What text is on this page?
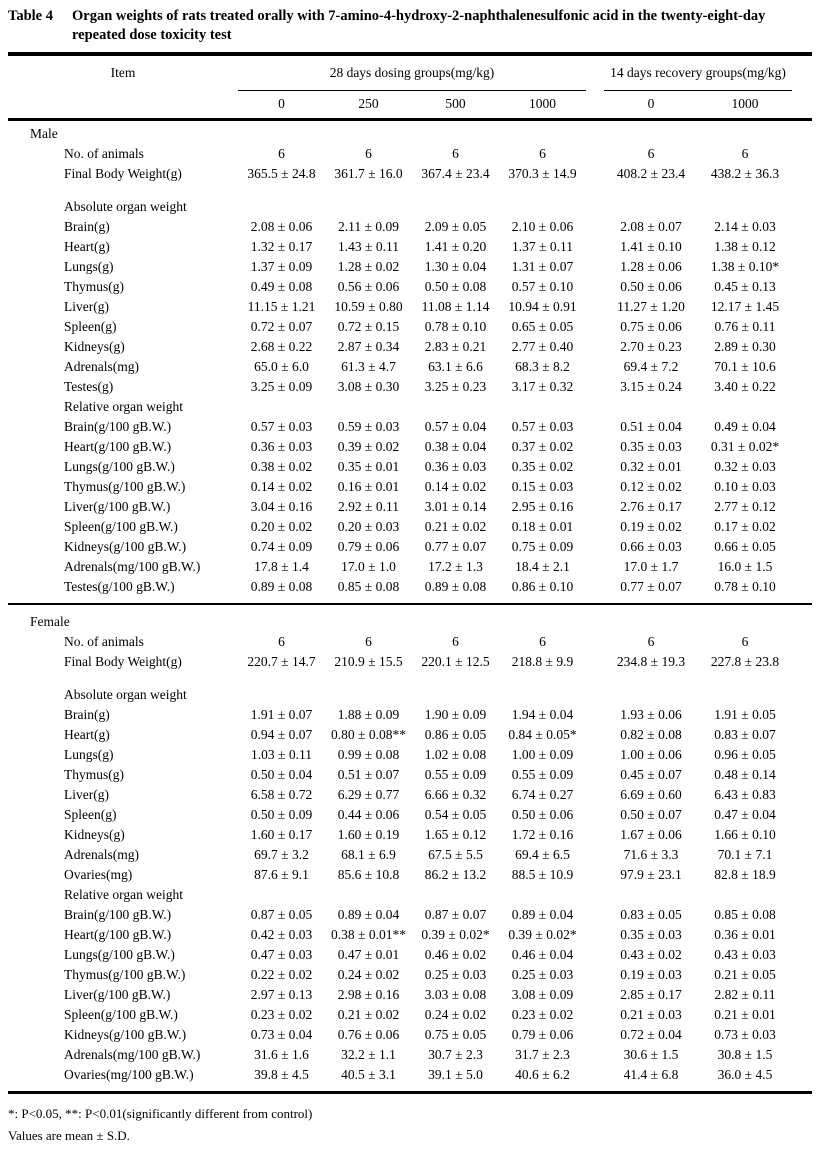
Table 4	Organ weights of rats treated orally with 7-amino-4-hydroxy-2-naphthalenesulfonic acid in the twenty-eight-day repeated dose toxicity test
Item	28 days dosing groups(mg/kg)	14 days recovery groups(mg/kg)
0	250	500	1000	0	1000
Male
No. of animals	6	6	6	6	6	6
Final Body Weight(g)	365.5 ± 24.8	361.7 ± 16.0	367.4 ± 23.4	370.3 ± 14.9	408.2 ± 23.4	438.2 ± 36.3
Absolute organ weight
Brain(g)	2.08 ± 0.06	2.11 ± 0.09	2.09 ± 0.05	2.10 ± 0.06	2.08 ± 0.07	2.14 ± 0.03
Heart(g)	1.32 ± 0.17	1.43 ± 0.11	1.41 ± 0.20	1.37 ± 0.11	1.41 ± 0.10	1.38 ± 0.12
Lungs(g)	1.37 ± 0.09	1.28 ± 0.02	1.30 ± 0.04	1.31 ± 0.07	1.28 ± 0.06	1.38 ± 0.10*
Thymus(g)	0.49 ± 0.08	0.56 ± 0.06	0.50 ± 0.08	0.57 ± 0.10	0.50 ± 0.06	0.45 ± 0.13
Liver(g)	11.15 ± 1.21	10.59 ± 0.80	11.08 ± 1.14	10.94 ± 0.91	11.27 ± 1.20	12.17 ± 1.45
Spleen(g)	0.72 ± 0.07	0.72 ± 0.15	0.78 ± 0.10	0.65 ± 0.05	0.75 ± 0.06	0.76 ± 0.11
Kidneys(g)	2.68 ± 0.22	2.87 ± 0.34	2.83 ± 0.21	2.77 ± 0.40	2.70 ± 0.23	2.89 ± 0.30
Adrenals(mg)	65.0 ± 6.0	61.3 ± 4.7	63.1 ± 6.6	68.3 ± 8.2	69.4 ± 7.2	70.1 ± 10.6
Testes(g)	3.25 ± 0.09	3.08 ± 0.30	3.25 ± 0.23	3.17 ± 0.32	3.15 ± 0.24	3.40 ± 0.22
Relative organ weight
Brain(g/100 gB.W.)	0.57 ± 0.03	0.59 ± 0.03	0.57 ± 0.04	0.57 ± 0.03	0.51 ± 0.04	0.49 ± 0.04
Heart(g/100 gB.W.)	0.36 ± 0.03	0.39 ± 0.02	0.38 ± 0.04	0.37 ± 0.02	0.35 ± 0.03	0.31 ± 0.02*
Lungs(g/100 gB.W.)	0.38 ± 0.02	0.35 ± 0.01	0.36 ± 0.03	0.35 ± 0.02	0.32 ± 0.01	0.32 ± 0.03
Thymus(g/100 gB.W.)	0.14 ± 0.02	0.16 ± 0.01	0.14 ± 0.02	0.15 ± 0.03	0.12 ± 0.02	0.10 ± 0.03
Liver(g/100 gB.W.)	3.04 ± 0.16	2.92 ± 0.11	3.01 ± 0.14	2.95 ± 0.16	2.76 ± 0.17	2.77 ± 0.12
Spleen(g/100 gB.W.)	0.20 ± 0.02	0.20 ± 0.03	0.21 ± 0.02	0.18 ± 0.01	0.19 ± 0.02	0.17 ± 0.02
Kidneys(g/100 gB.W.)	0.74 ± 0.09	0.79 ± 0.06	0.77 ± 0.07	0.75 ± 0.09	0.66 ± 0.03	0.66 ± 0.05
Adrenals(mg/100 gB.W.)	17.8 ± 1.4	17.0 ± 1.0	17.2 ± 1.3	18.4 ± 2.1	17.0 ± 1.7	16.0 ± 1.5
Testes(g/100 gB.W.)	0.89 ± 0.08	0.85 ± 0.08	0.89 ± 0.08	0.86 ± 0.10	0.77 ± 0.07	0.78 ± 0.10
Female
No. of animals	6	6	6	6	6	6
Final Body Weight(g)	220.7 ± 14.7	210.9 ± 15.5	220.1 ± 12.5	218.8 ± 9.9	234.8 ± 19.3	227.8 ± 23.8
Absolute organ weight
Brain(g)	1.91 ± 0.07	1.88 ± 0.09	1.90 ± 0.09	1.94 ± 0.04	1.93 ± 0.06	1.91 ± 0.05
Heart(g)	0.94 ± 0.07	0.80 ± 0.08**	0.86 ± 0.05	0.84 ± 0.05*	0.82 ± 0.08	0.83 ± 0.07
Lungs(g)	1.03 ± 0.11	0.99 ± 0.08	1.02 ± 0.08	1.00 ± 0.09	1.00 ± 0.06	0.96 ± 0.05
Thymus(g)	0.50 ± 0.04	0.51 ± 0.07	0.55 ± 0.09	0.55 ± 0.09	0.45 ± 0.07	0.48 ± 0.14
Liver(g)	6.58 ± 0.72	6.29 ± 0.77	6.66 ± 0.32	6.74 ± 0.27	6.69 ± 0.60	6.43 ± 0.83
Spleen(g)	0.50 ± 0.09	0.44 ± 0.06	0.54 ± 0.05	0.50 ± 0.06	0.50 ± 0.07	0.47 ± 0.04
Kidneys(g)	1.60 ± 0.17	1.60 ± 0.19	1.65 ± 0.12	1.72 ± 0.16	1.67 ± 0.06	1.66 ± 0.10
Adrenals(mg)	69.7 ± 3.2	68.1 ± 6.9	67.5 ± 5.5	69.4 ± 6.5	71.6 ± 3.3	70.1 ± 7.1
Ovaries(mg)	87.6 ± 9.1	85.6 ± 10.8	86.2 ± 13.2	88.5 ± 10.9	97.9 ± 23.1	82.8 ± 18.9
Relative organ weight
Brain(g/100 gB.W.)	0.87 ± 0.05	0.89 ± 0.04	0.87 ± 0.07	0.89 ± 0.04	0.83 ± 0.05	0.85 ± 0.08
Heart(g/100 gB.W.)	0.42 ± 0.03	0.38 ± 0.01**	0.39 ± 0.02*	0.39 ± 0.02*	0.35 ± 0.03	0.36 ± 0.01
Lungs(g/100 gB.W.)	0.47 ± 0.03	0.47 ± 0.01	0.46 ± 0.02	0.46 ± 0.04	0.43 ± 0.02	0.43 ± 0.03
Thymus(g/100 gB.W.)	0.22 ± 0.02	0.24 ± 0.02	0.25 ± 0.03	0.25 ± 0.03	0.19 ± 0.03	0.21 ± 0.05
Liver(g/100 gB.W.)	2.97 ± 0.13	2.98 ± 0.16	3.03 ± 0.08	3.08 ± 0.09	2.85 ± 0.17	2.82 ± 0.11
Spleen(g/100 gB.W.)	0.23 ± 0.02	0.21 ± 0.02	0.24 ± 0.02	0.23 ± 0.02	0.21 ± 0.03	0.21 ± 0.01
Kidneys(g/100 gB.W.)	0.73 ± 0.04	0.76 ± 0.06	0.75 ± 0.05	0.79 ± 0.06	0.72 ± 0.04	0.73 ± 0.03
Adrenals(mg/100 gB.W.)	31.6 ± 1.6	32.2 ± 1.1	30.7 ± 2.3	31.7 ± 2.3	30.6 ± 1.5	30.8 ± 1.5
Ovaries(mg/100 gB.W.)	39.8 ± 4.5	40.5 ± 3.1	39.1 ± 5.0	40.6 ± 6.2	41.4 ± 6.8	36.0 ± 4.5
*: P<0.05, **: P<0.01(significantly different from control)
Values are mean ± S.D.
